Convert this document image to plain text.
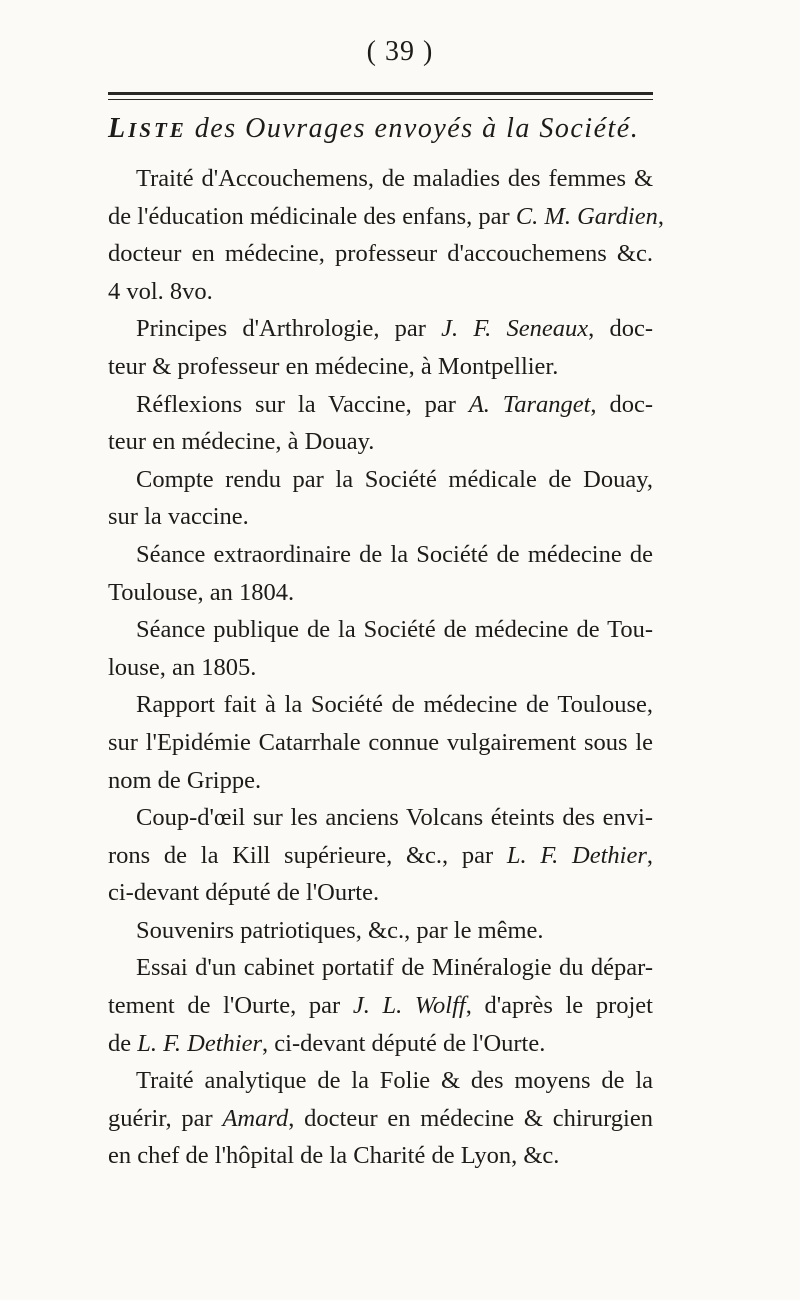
( 39 )
LISTE des Ouvrages envoyés à la Société.
Traité d'Accouchemens, de maladies des femmes &
de l'éducation médicinale des enfans, par C. M. Gardien,
docteur en médecine, professeur d'accouchemens &c.
4 vol. 8vo.
Principes d'Arthrologie, par J. F. Seneaux, doc-
teur & professeur en médecine, à Montpellier.
Réflexions sur la Vaccine, par A. Taranget, doc-
teur en médecine, à Douay.
Compte rendu par la Société médicale de Douay,
sur la vaccine.
Séance extraordinaire de la Société de médecine de
Toulouse, an 1804.
Séance publique de la Société de médecine de Tou-
louse, an 1805.
Rapport fait à la Société de médecine de Toulouse,
sur l'Epidémie Catarrhale connue vulgairement sous le
nom de Grippe.
Coup-d'œil sur les anciens Volcans éteints des envi-
rons de la Kill supérieure, &c., par L. F. Dethier,
ci-devant député de l'Ourte.
Souvenirs patriotiques, &c., par le même.
Essai d'un cabinet portatif de Minéralogie du dépar-
tement de l'Ourte, par J. L. Wolff, d'après le projet
de L. F. Dethier, ci-devant député de l'Ourte.
Traité analytique de la Folie & des moyens de la
guérir, par Amard, docteur en médecine & chirurgien
en chef de l'hôpital de la Charité de Lyon, &c.
